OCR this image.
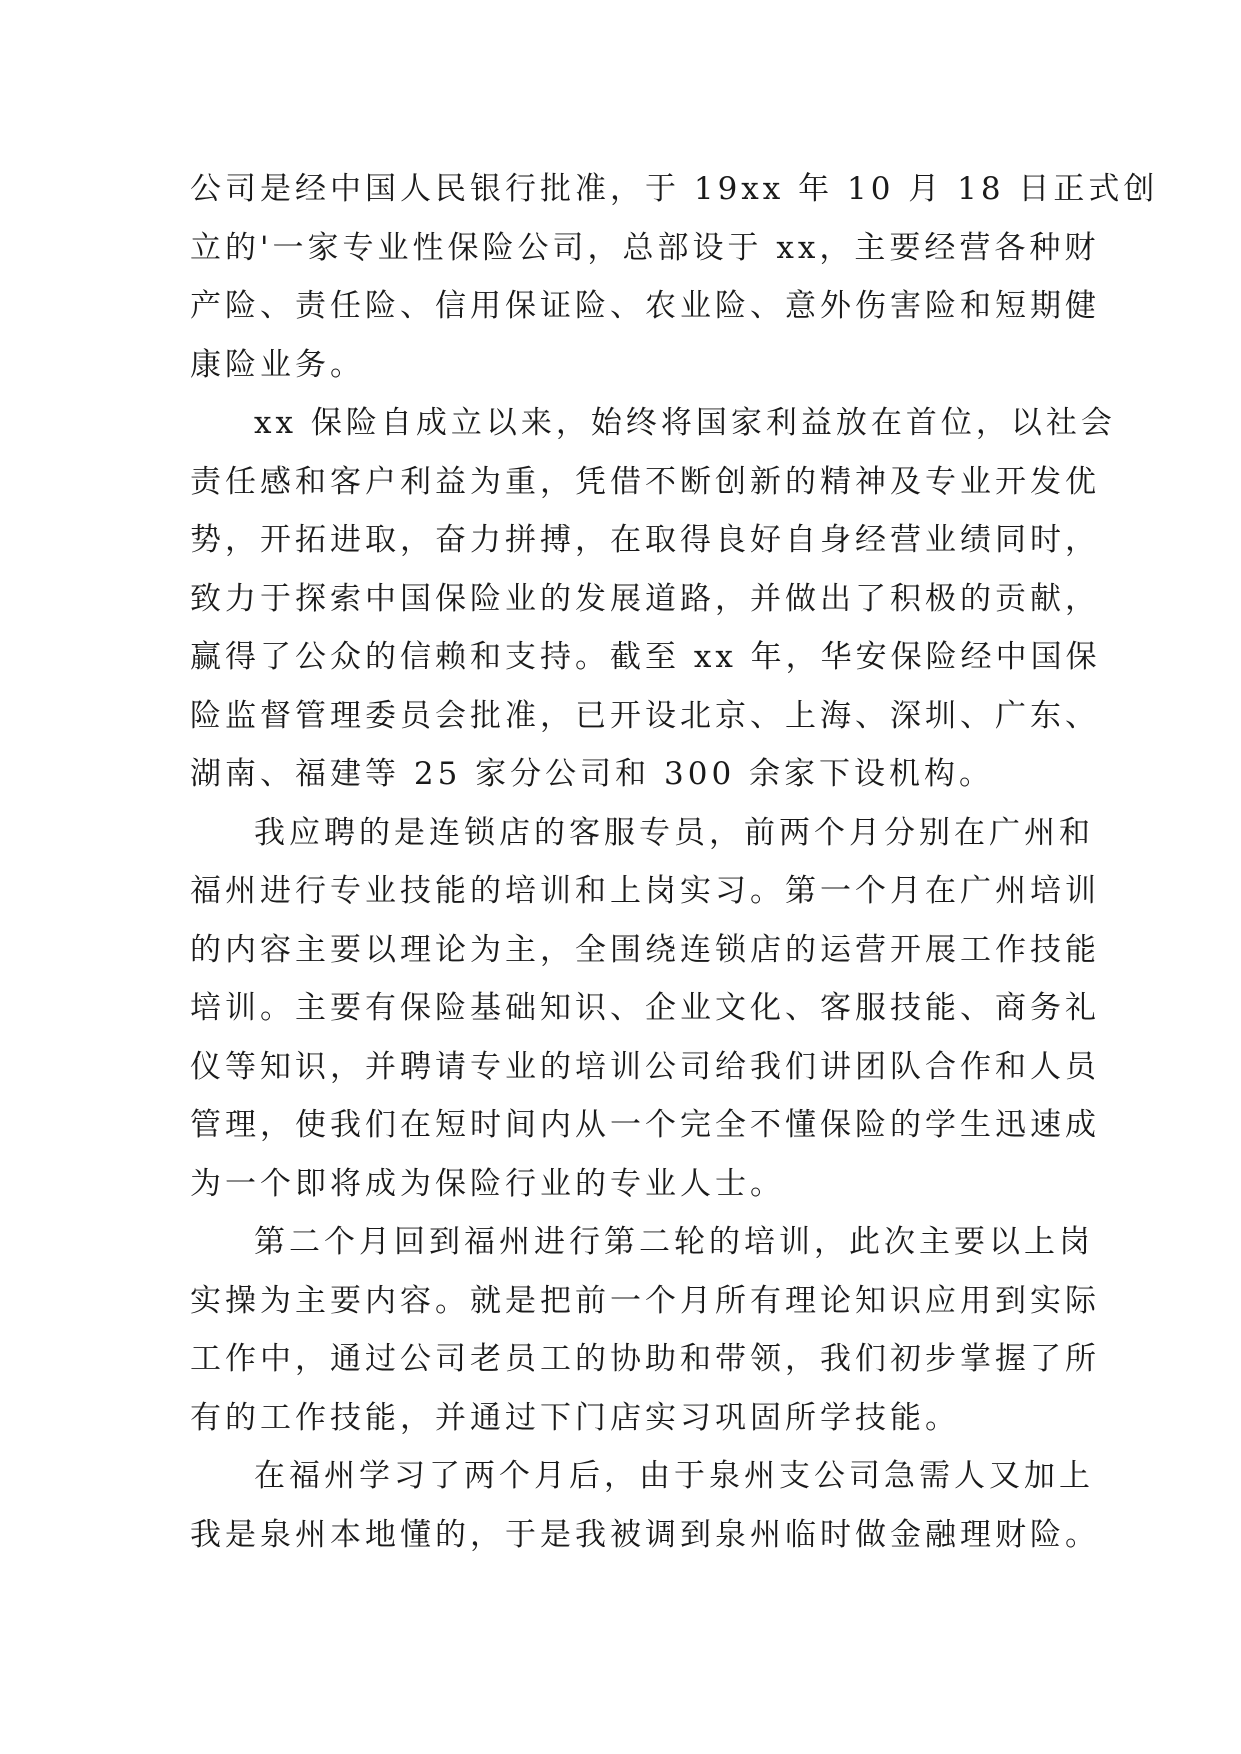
公司是经中国人民银行批准，于 19xx 年 10 月 18 日正式创
立的'一家专业性保险公司，总部设于 xx，主要经营各种财
产险、责任险、信用保证险、农业险、意外伤害险和短期健
康险业务。
xx 保险自成立以来，始终将国家利益放在首位，以社会
责任感和客户利益为重，凭借不断创新的精神及专业开发优
势，开拓进取，奋力拼搏，在取得良好自身经营业绩同时，
致力于探索中国保险业的发展道路，并做出了积极的贡献，
赢得了公众的信赖和支持。截至 xx 年，华安保险经中国保
险监督管理委员会批准，已开设北京、上海、深圳、广东、
湖南、福建等 25 家分公司和 300 余家下设机构。
我应聘的是连锁店的客服专员，前两个月分别在广州和
福州进行专业技能的培训和上岗实习。第一个月在广州培训
的内容主要以理论为主，全围绕连锁店的运营开展工作技能
培训。主要有保险基础知识、企业文化、客服技能、商务礼
仪等知识，并聘请专业的培训公司给我们讲团队合作和人员
管理，使我们在短时间内从一个完全不懂保险的学生迅速成
为一个即将成为保险行业的专业人士。
第二个月回到福州进行第二轮的培训，此次主要以上岗
实操为主要内容。就是把前一个月所有理论知识应用到实际
工作中，通过公司老员工的协助和带领，我们初步掌握了所
有的工作技能，并通过下门店实习巩固所学技能。
在福州学习了两个月后，由于泉州支公司急需人又加上
我是泉州本地懂的，于是我被调到泉州临时做金融理财险。
